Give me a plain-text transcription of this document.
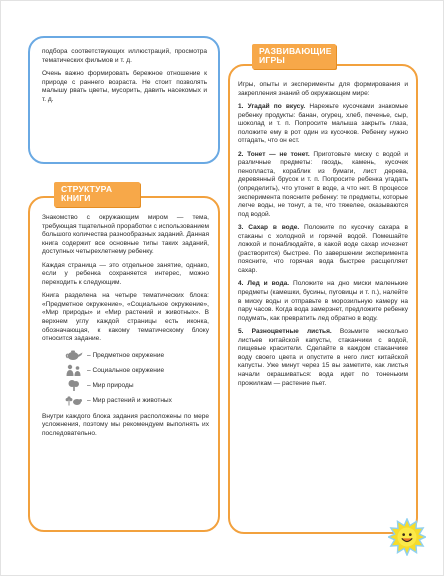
подбора соответствующих иллюстраций, просмотра тематических фильмов и т. д.

Очень важно формировать бережное отношение к природе с раннего возраста. Не стоит позволять малышу рвать цветы, мусорить, давить насекомых и т. д.

Знакомство с окружающим миром — тема, требующая тщательной проработки с использованием большого количества разнообразных заданий. Данная книга содержит все основные типы таких заданий, доступных четырехлетнему ребенку.

Каждая страница — это отдельное занятие, однако, если у ребенка сохраняется интерес, можно переходить к следующим.

Книга разделена на четыре тематических блока: «Предметное окружение», «Социальное окружение», «Мир природы» и «Мир растений и животных». В верхнем углу каждой страницы есть иконка, обозначающая, к какому тематическому блоку относится задание.

– Предметное окружение
– Социальное окружение
– Мир природы
– Мир растений и животных

Внутри каждого блока задания расположены по мере усложнения, поэтому мы рекомендуем выполнять их последовательно.

СТРУКТУРА КНИГИ

Игры, опыты и эксперименты для формирования и закрепления знаний об окружающем мире:

1. Угадай по вкусу. Нарежьте кусочками знакомые ребенку продукты: банан, огурец, хлеб, печенье, сыр, шоколад и т. п. Попросите малыша закрыть глаза, положите ему в рот один из кусочков. Ребенку нужно отгадать, что он ест.

2. Тонет — не тонет. Приготовьте миску с водой и различные предметы: гвоздь, камень, кусочек пенопласта, кораблик из бумаги, лист дерева, деревянный брусок и т. п. Попросите ребенка угадать (определить), что утонет в воде, а что нет. В процессе эксперимента поясните ребенку: те предметы, которые легче воды, не тонут, а те, что тяжелее, оказываются под водой.

3. Сахар в воде. Положите по кусочку сахара в стаканы с холодной и горячей водой. Помешайте ложкой и понаблюдайте, в какой воде сахар исчезнет (растворится) быстрее. По завершении эксперимента поясните, что горячая вода быстрее расщепляет сахар.

4. Лед и вода. Положите на дно миски маленькие предметы (камешки, бусины, пуговицы и т. п.), налейте в миску воды и отправьте в морозильную камеру на пару часов. Когда вода замерзнет, предложите ребенку подумать, как превратить лед обратно в воду.

5. Разноцветные листья. Возьмите несколько листьев китайской капусты, стаканчики с водой, пищевые красители. Сделайте в каждом стаканчике воду своего цвета и опустите в него лист китайской капусты. Уже минут через 15 вы заметите, как листья начали окрашиваться: вода идет по тоненьким прожилкам — растение пьет.

РАЗВИВАЮЩИЕ ИГРЫ
